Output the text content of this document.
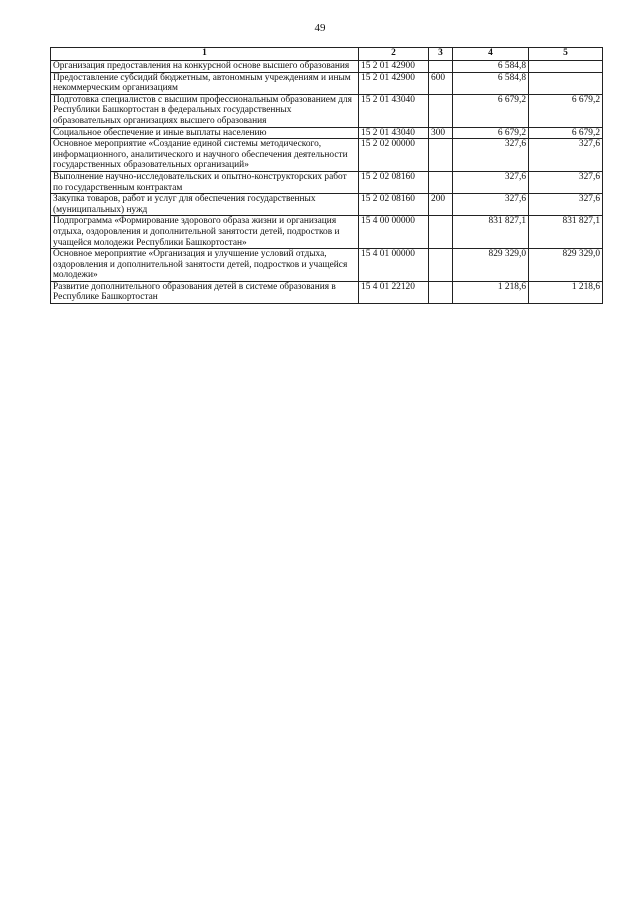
49
1	2	3	4	5
Организация предоставления на конкурсной основе высшего образования	15 2 01 42900		6 584,8	
Предоставление субсидий бюджетным, автономным учреждениям и иным некоммерческим организациям	15 2 01 42900	600	6 584,8	
Подготовка специалистов с высшим профессиональным образованием для Республики Башкортостан в федеральных государственных образовательных организациях высшего образования	15 2 01 43040		6 679,2	6 679,2
Социальное обеспечение и иные выплаты населению	15 2 01 43040	300	6 679,2	6 679,2
Основное мероприятие «Создание единой системы методического, информационного, аналитического и научного обеспечения деятельности государственных образовательных организаций»	15 2 02 00000		327,6	327,6
Выполнение научно-исследовательских и опытно-конструкторских работ по государственным контрактам	15 2 02 08160		327,6	327,6
Закупка товаров, работ и услуг для обеспечения государственных (муниципальных) нужд	15 2 02 08160	200	327,6	327,6
Подпрограмма «Формирование здорового образа жизни и организация отдыха, оздоровления и дополнительной занятости детей, подростков и учащейся молодежи Республики Башкортостан»	15 4 00 00000		831 827,1	831 827,1
Основное мероприятие «Организация и улучшение условий отдыха, оздоровления и дополнительной занятости детей, подростков и учащейся молодежи»	15 4 01 00000		829 329,0	829 329,0
Развитие дополнительного образования детей в системе образования в Республике Башкортостан	15 4 01 22120		1 218,6	1 218,6
